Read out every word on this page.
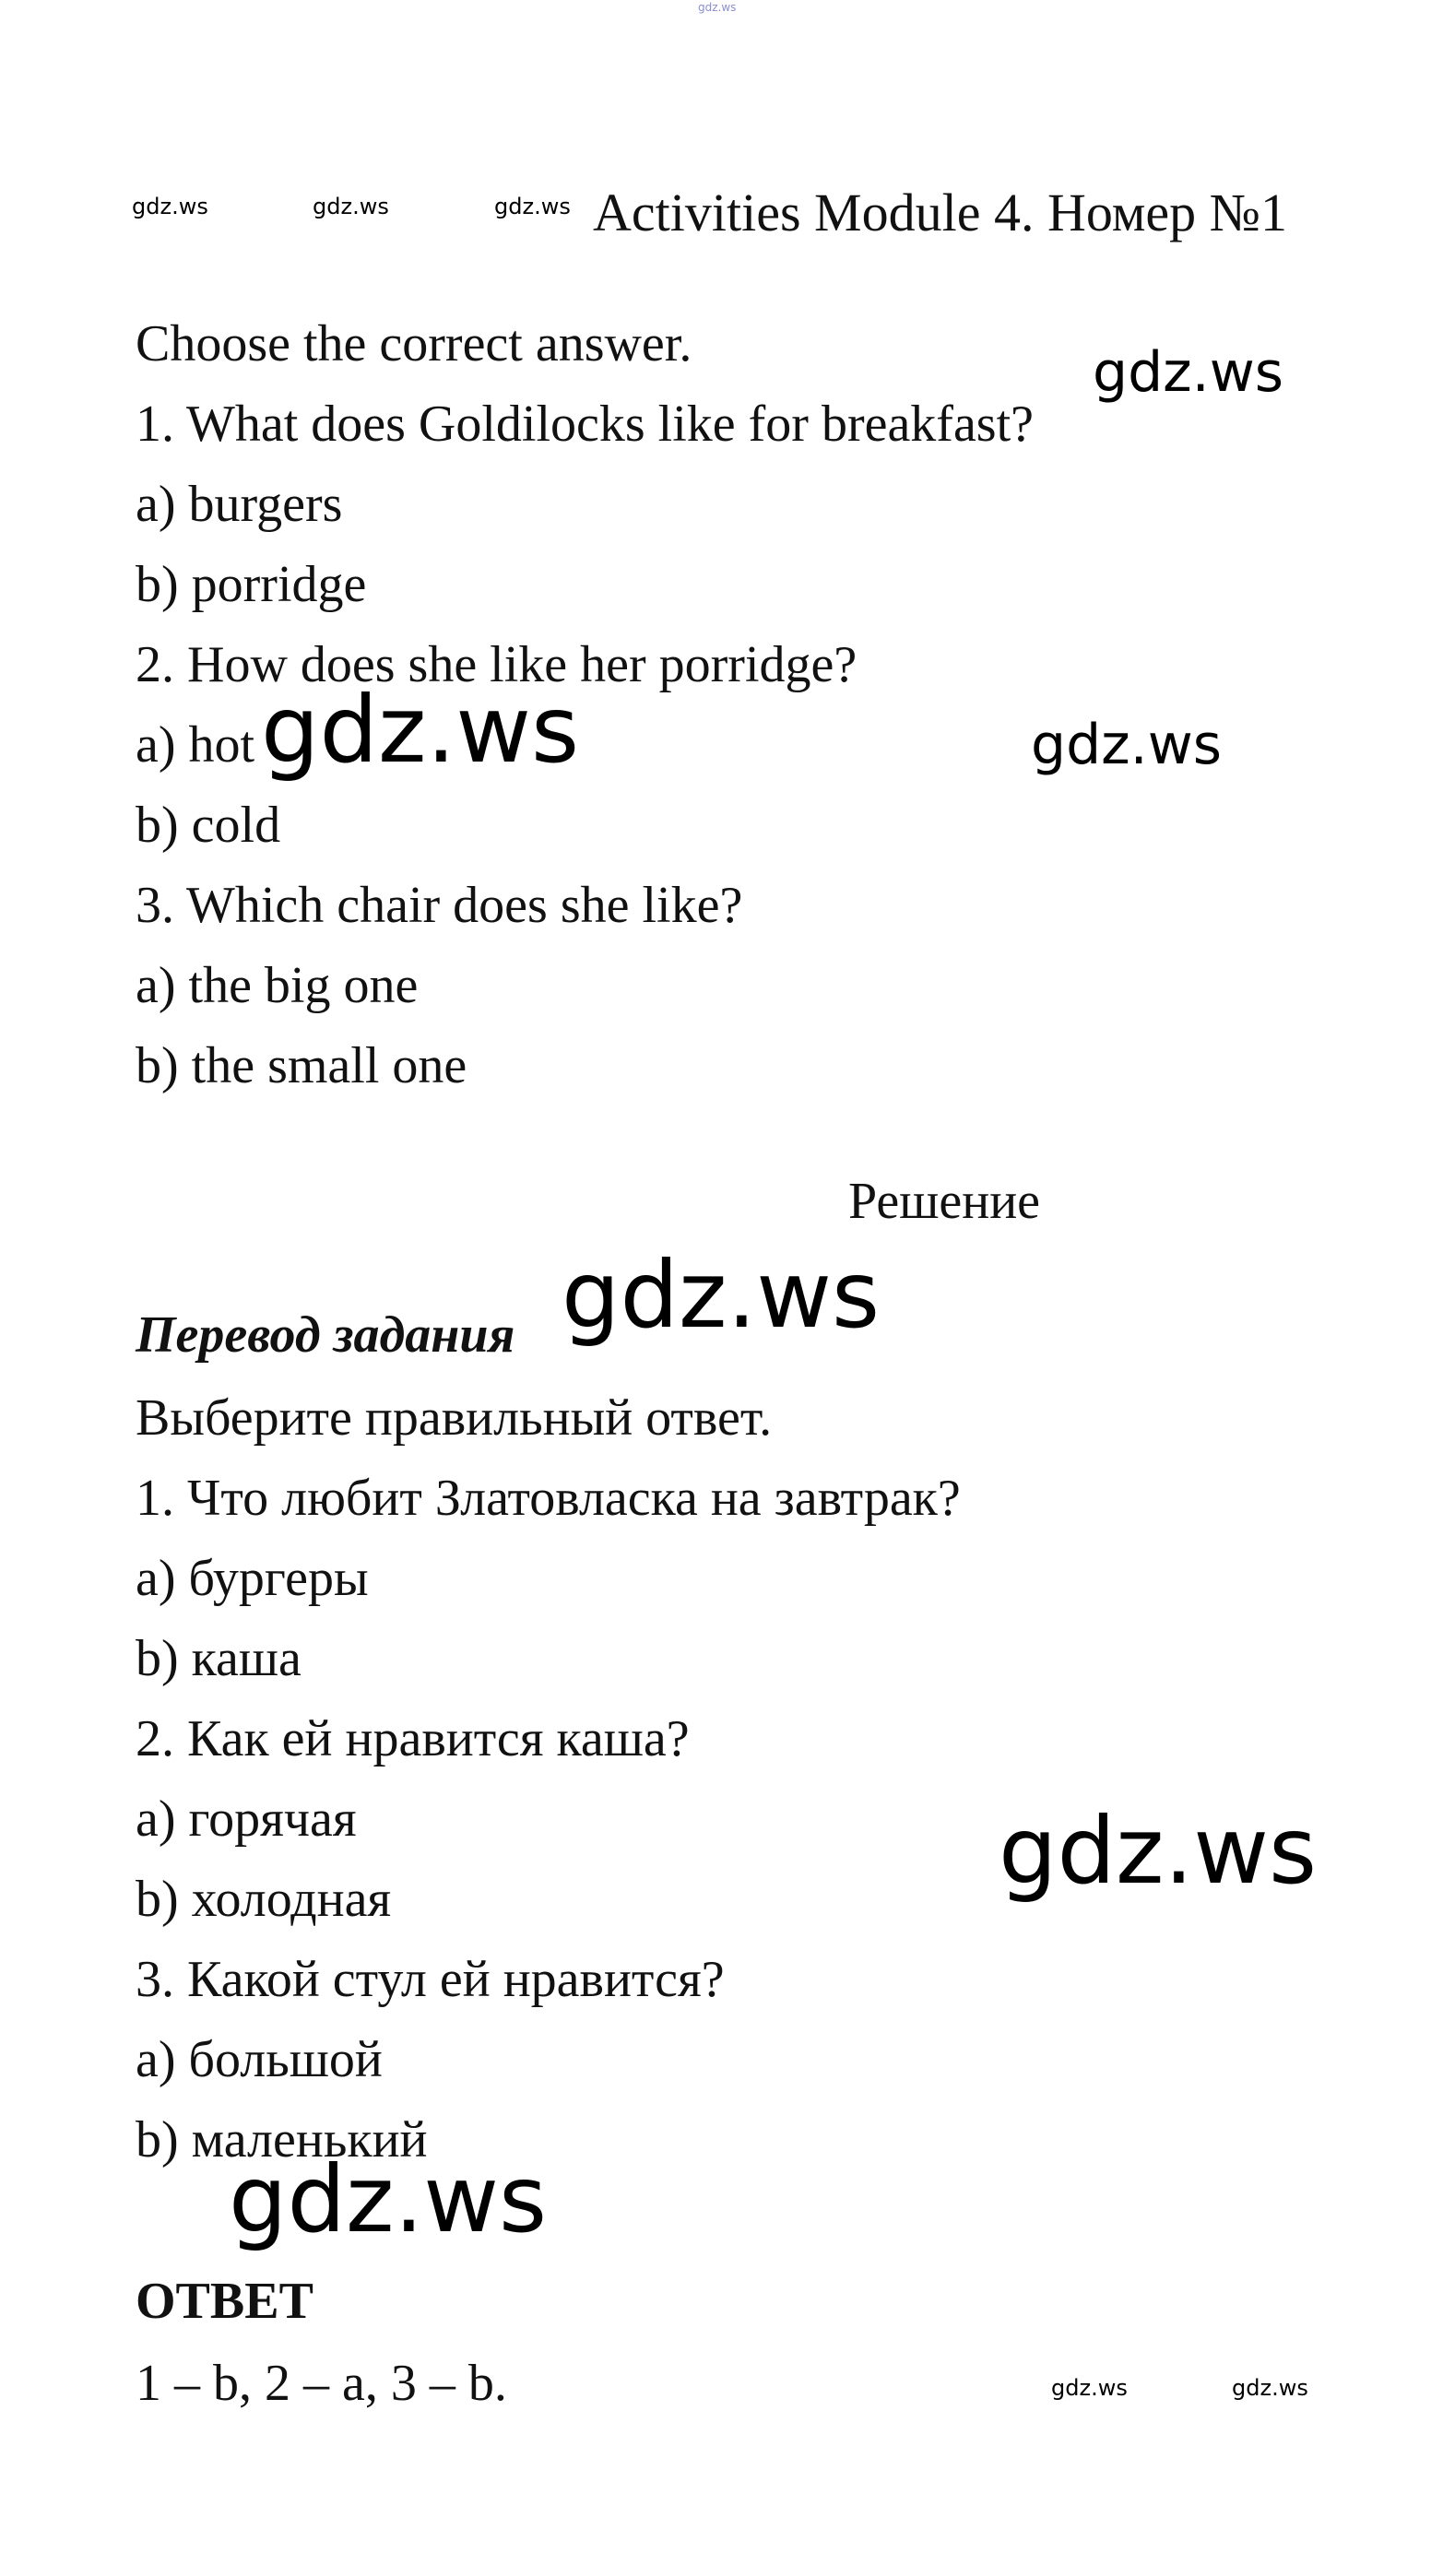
gdz.ws
gdz.ws	gdz.ws	gdz.ws Activities Module 4. Номер №1
Choose the correct answer.
1. What does Goldilocks like for breakfast?
a) burgers
b) porridge
2. How does she like her porridge?
a) hot
b) cold
3. Which chair does she like?
a) the big one
b) the small one
gdz.ws
gdz.ws	gdz.ws
Решение
gdz.ws
Перевод задания
Выберите правильный ответ.
1. Что любит Златовласка на завтрак?
a) бургеры
b) каша
2. Как ей нравится каша?
a) горячая
b) холодная
3. Какой стул ей нравится?
a) большой
b) маленький
gdz.ws
gdz.ws
ОТВЕТ
1 – b, 2 – a, 3 – b.	gdz.ws	gdz.ws
